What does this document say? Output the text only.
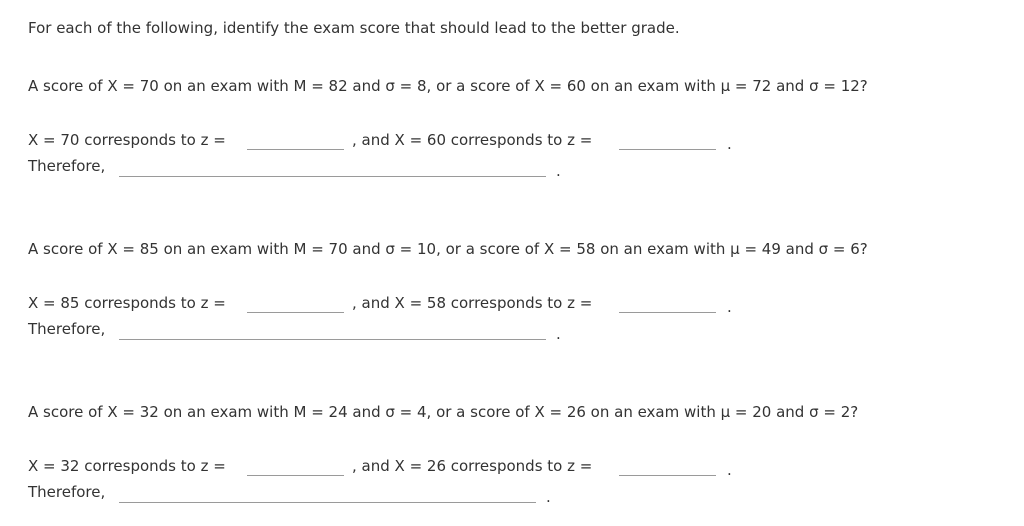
For each of the following, identify the exam score that should lead to the better grade.
A score of X = 70 on an exam with M = 82 and σ = 8, or a score of X = 60 on an exam with μ = 72 and σ = 12?
X = 70 corresponds to z =	, and X = 60 corresponds to z =	.
Therefore,	.
A score of X = 85 on an exam with M = 70 and σ = 10, or a score of X = 58 on an exam with μ = 49 and σ = 6?
X = 85 corresponds to z =	, and X = 58 corresponds to z =	.
Therefore,	.
A score of X = 32 on an exam with M = 24 and σ = 4, or a score of X = 26 on an exam with μ = 20 and σ = 2?
X = 32 corresponds to z =	, and X = 26 corresponds to z =	.
Therefore,	.
